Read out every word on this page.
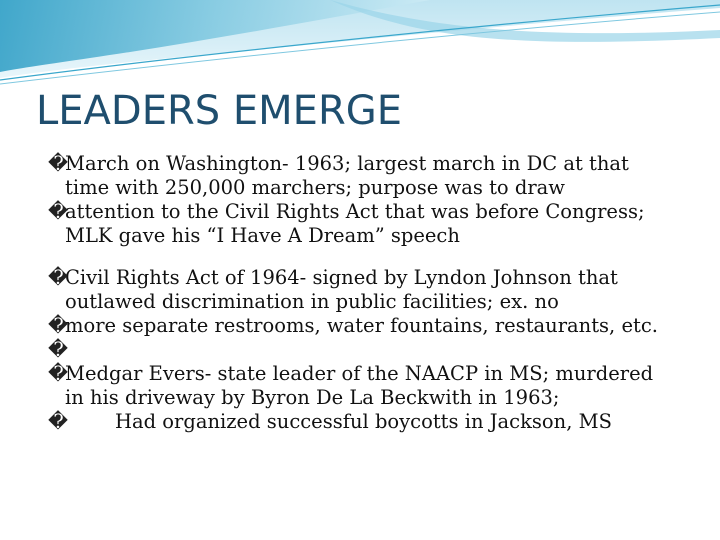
LEADERS EMERGE
�
March on Washington- 1963; largest march in DC at that
time with 250,000 marchers; purpose was to draw
�
attention to the Civil Rights Act that was before Congress;
MLK gave his “I Have A Dream” speech
�
Civil Rights Act of 1964- signed by Lyndon Johnson that
outlawed discrimination in public facilities; ex. no
�
more separate restrooms, water fountains, restaurants, etc.
�

�
Medgar Evers- state leader of the NAACP in MS; murdered
in his driveway by Byron De La Beckwith in 1963;
�	Had organized successful boycotts in Jackson, MS
